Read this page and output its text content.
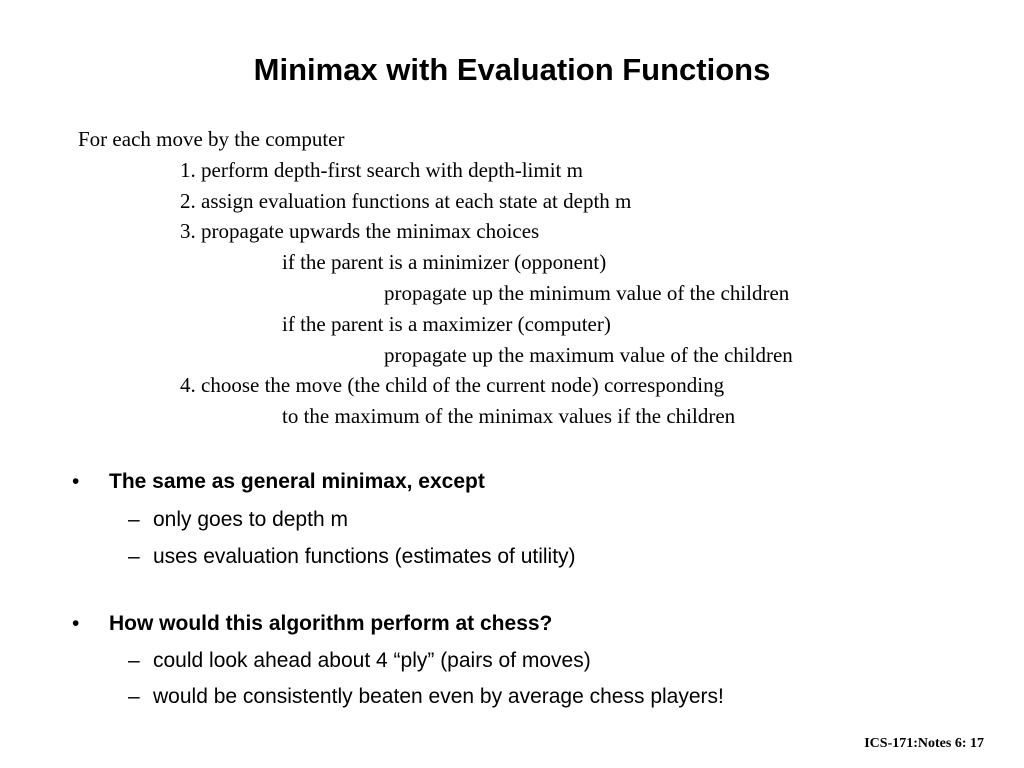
Minimax with Evaluation Functions
For each move by the computer
1. perform depth-first search with depth-limit m
2. assign evaluation functions at each state at depth m
3. propagate upwards the minimax choices
if the parent is a minimizer (opponent)
propagate up the minimum value of the children
if the parent is a maximizer (computer)
propagate up the maximum value of the children
4. choose the move (the child of the current node) corresponding
to the maximum of the minimax values if the children
• The same as general minimax, except
– only goes to depth m
– uses evaluation functions (estimates of utility)
• How would this algorithm perform at chess?
– could look ahead about 4 “ply” (pairs of moves)
– would be consistently beaten even by average chess players!
ICS-171:Notes 6: 17
